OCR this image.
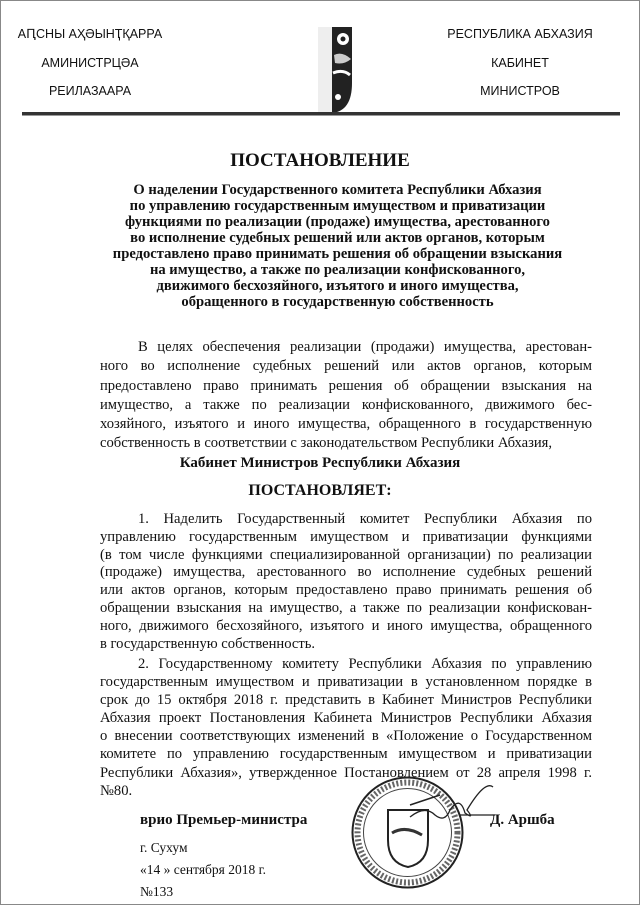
АԤСНЫ АҲӘЫНҬҚАРРА
АМИНИСТРЦӘА
РЕИЛАЗААРА
РЕСПУБЛИКА АБХАЗИЯ
КАБИНЕТ
МИНИСТРОВ
ПОСТАНОВЛЕНИЕ
О наделении Государственного комитета Республики Абхазия
по управлению государственным имуществом и приватизации
функциями по реализации (продаже) имущества, арестованного
во исполнение судебных решений или актов органов, которым
предоставлено право принимать решения об обращении взыскания
на имущество, а также по реализации конфискованного,
движимого бесхозяйного, изъятого и иного имущества,
обращенного в государственную собственность
В целях обеспечения реализации (продажи) имущества, арестован-
ного во исполнение судебных решений или актов органов, которым
предоставлено право принимать решения об обращении взыскания на
имущество, а также по реализации конфискованного, движимого бес-
хозяйного, изъятого и иного имущества, обращенного в государственную
собственность в соответствии с законодательством Республики Абхазия,
Кабинет Министров Республики Абхазия
ПОСТАНОВЛЯЕТ:
1. Наделить Государственный комитет Республики Абхазия по
управлению государственным имуществом и приватизации функциями
(в том числе функциями специализированной организации) по реализации
(продаже) имущества, арестованного во исполнение судебных решений
или актов органов, которым предоставлено право принимать решения об
обращении взыскания на имущество, а также по реализации конфискован-
ного, движимого бесхозяйного, изъятого и иного имущества, обращенного
в государственную собственность.
2. Государственному комитету Республики Абхазия по управлению
государственным имуществом и приватизации в установленном порядке в
срок до 15 октября 2018 г. представить в Кабинет Министров Республики
Абхазия проект Постановления Кабинета Министров Республики Абхазия
о внесении соответствующих изменений в «Положение о Государственном
комитете по управлению государственным имуществом и приватизации
Республики Абхазия», утвержденное Постановлением от 28 апреля 1998 г.
№80.
врио Премьер-министра	Д. Аршба
г. Сухум
«14 » сентября 2018 г.
№133
